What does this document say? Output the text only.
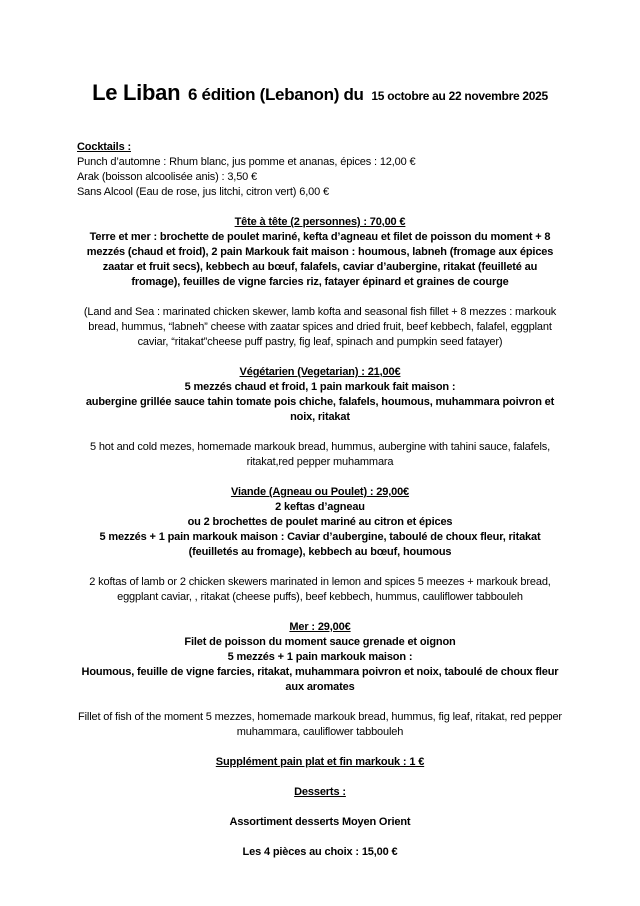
Le Liban 6 édition (Lebanon) du 15 octobre au 22 novembre 2025
Cocktails :
Punch d’automne : Rhum blanc, jus pomme et ananas, épices : 12,00 €
Arak (boisson alcoolisée anis) : 3,50 €
Sans Alcool (Eau de rose, jus litchi, citron vert) 6,00 €
Tête à tête (2 personnes) : 70,00 €
Terre et mer : brochette de poulet mariné, kefta d’agneau et filet de poisson du moment + 8 mezzés (chaud et froid), 2 pain Markouk fait maison : houmous, labneh (fromage aux épices zaatar et fruit secs), kebbech au bœuf, falafels, caviar d’aubergine, ritakat (feuilleté au fromage), feuilles de vigne farcies riz, fatayer épinard et graines de courge
(Land and Sea : marinated chicken skewer, lamb kofta and seasonal fish fillet + 8 mezzes : markouk bread, hummus, “labneh” cheese with zaatar spices and dried fruit, beef kebbech, falafel, eggplant caviar, “ritakat”cheese puff pastry, fig leaf, spinach and pumpkin seed fatayer)
Végétarien (Vegetarian) : 21,00€
5 mezzés chaud et froid, 1 pain markouk fait maison :
aubergine grillée sauce tahin tomate pois chiche, falafels, houmous, muhammara poivron et noix, ritakat
5 hot and cold mezes, homemade markouk bread, hummus, aubergine with tahini sauce, falafels, ritakat,red pepper muhammara
Viande (Agneau ou Poulet) : 29,00€
2 keftas d’agneau
ou 2 brochettes de poulet mariné au citron et épices
5 mezzés + 1 pain markouk maison : Caviar d’aubergine, taboulé de choux fleur, ritakat (feuilletés au fromage), kebbech au bœuf, houmous
2 koftas of lamb or 2 chicken skewers marinated in lemon and spices 5 meezes + markouk bread, eggplant caviar, , ritakat (cheese puffs), beef kebbech, hummus, cauliflower tabbouleh
Mer : 29,00€
Filet de poisson du moment sauce grenade et oignon
5 mezzés + 1 pain markouk maison :
Houmous, feuille de vigne farcies, ritakat, muhammara poivron et noix, taboulé de choux fleur aux aromates
Fillet of fish of the moment 5 mezzes, homemade markouk bread, hummus, fig leaf, ritakat, red pepper muhammara, cauliflower tabbouleh
Supplément pain plat et fin markouk : 1 €
Desserts :
Assortiment desserts Moyen Orient
Les 4 pièces au choix : 15,00 €
